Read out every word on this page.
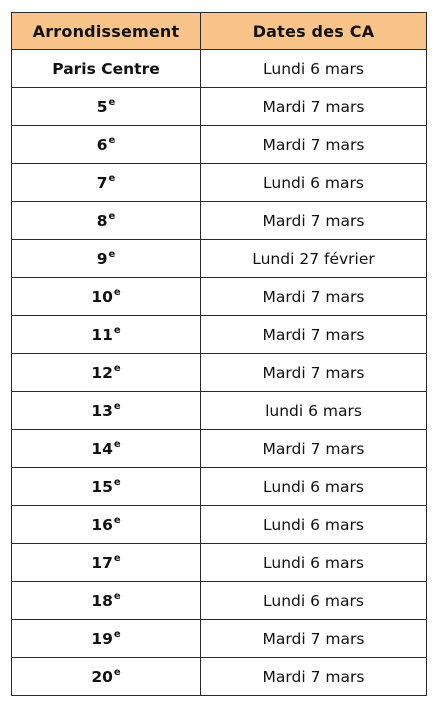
Arrondissement	Dates des CA
Paris Centre	Lundi 6 mars
5e	Mardi 7 mars
6e	Mardi 7 mars
7e	Lundi 6 mars
8e	Mardi 7 mars
9e	Lundi 27 février
10e	Mardi 7 mars
11e	Mardi 7 mars
12e	Mardi 7 mars
13e	lundi 6 mars
14e	Mardi 7 mars
15e	Lundi 6 mars
16e	Lundi 6 mars
17e	Lundi 6 mars
18e	Lundi 6 mars
19e	Mardi 7 mars
20e	Mardi 7 mars
